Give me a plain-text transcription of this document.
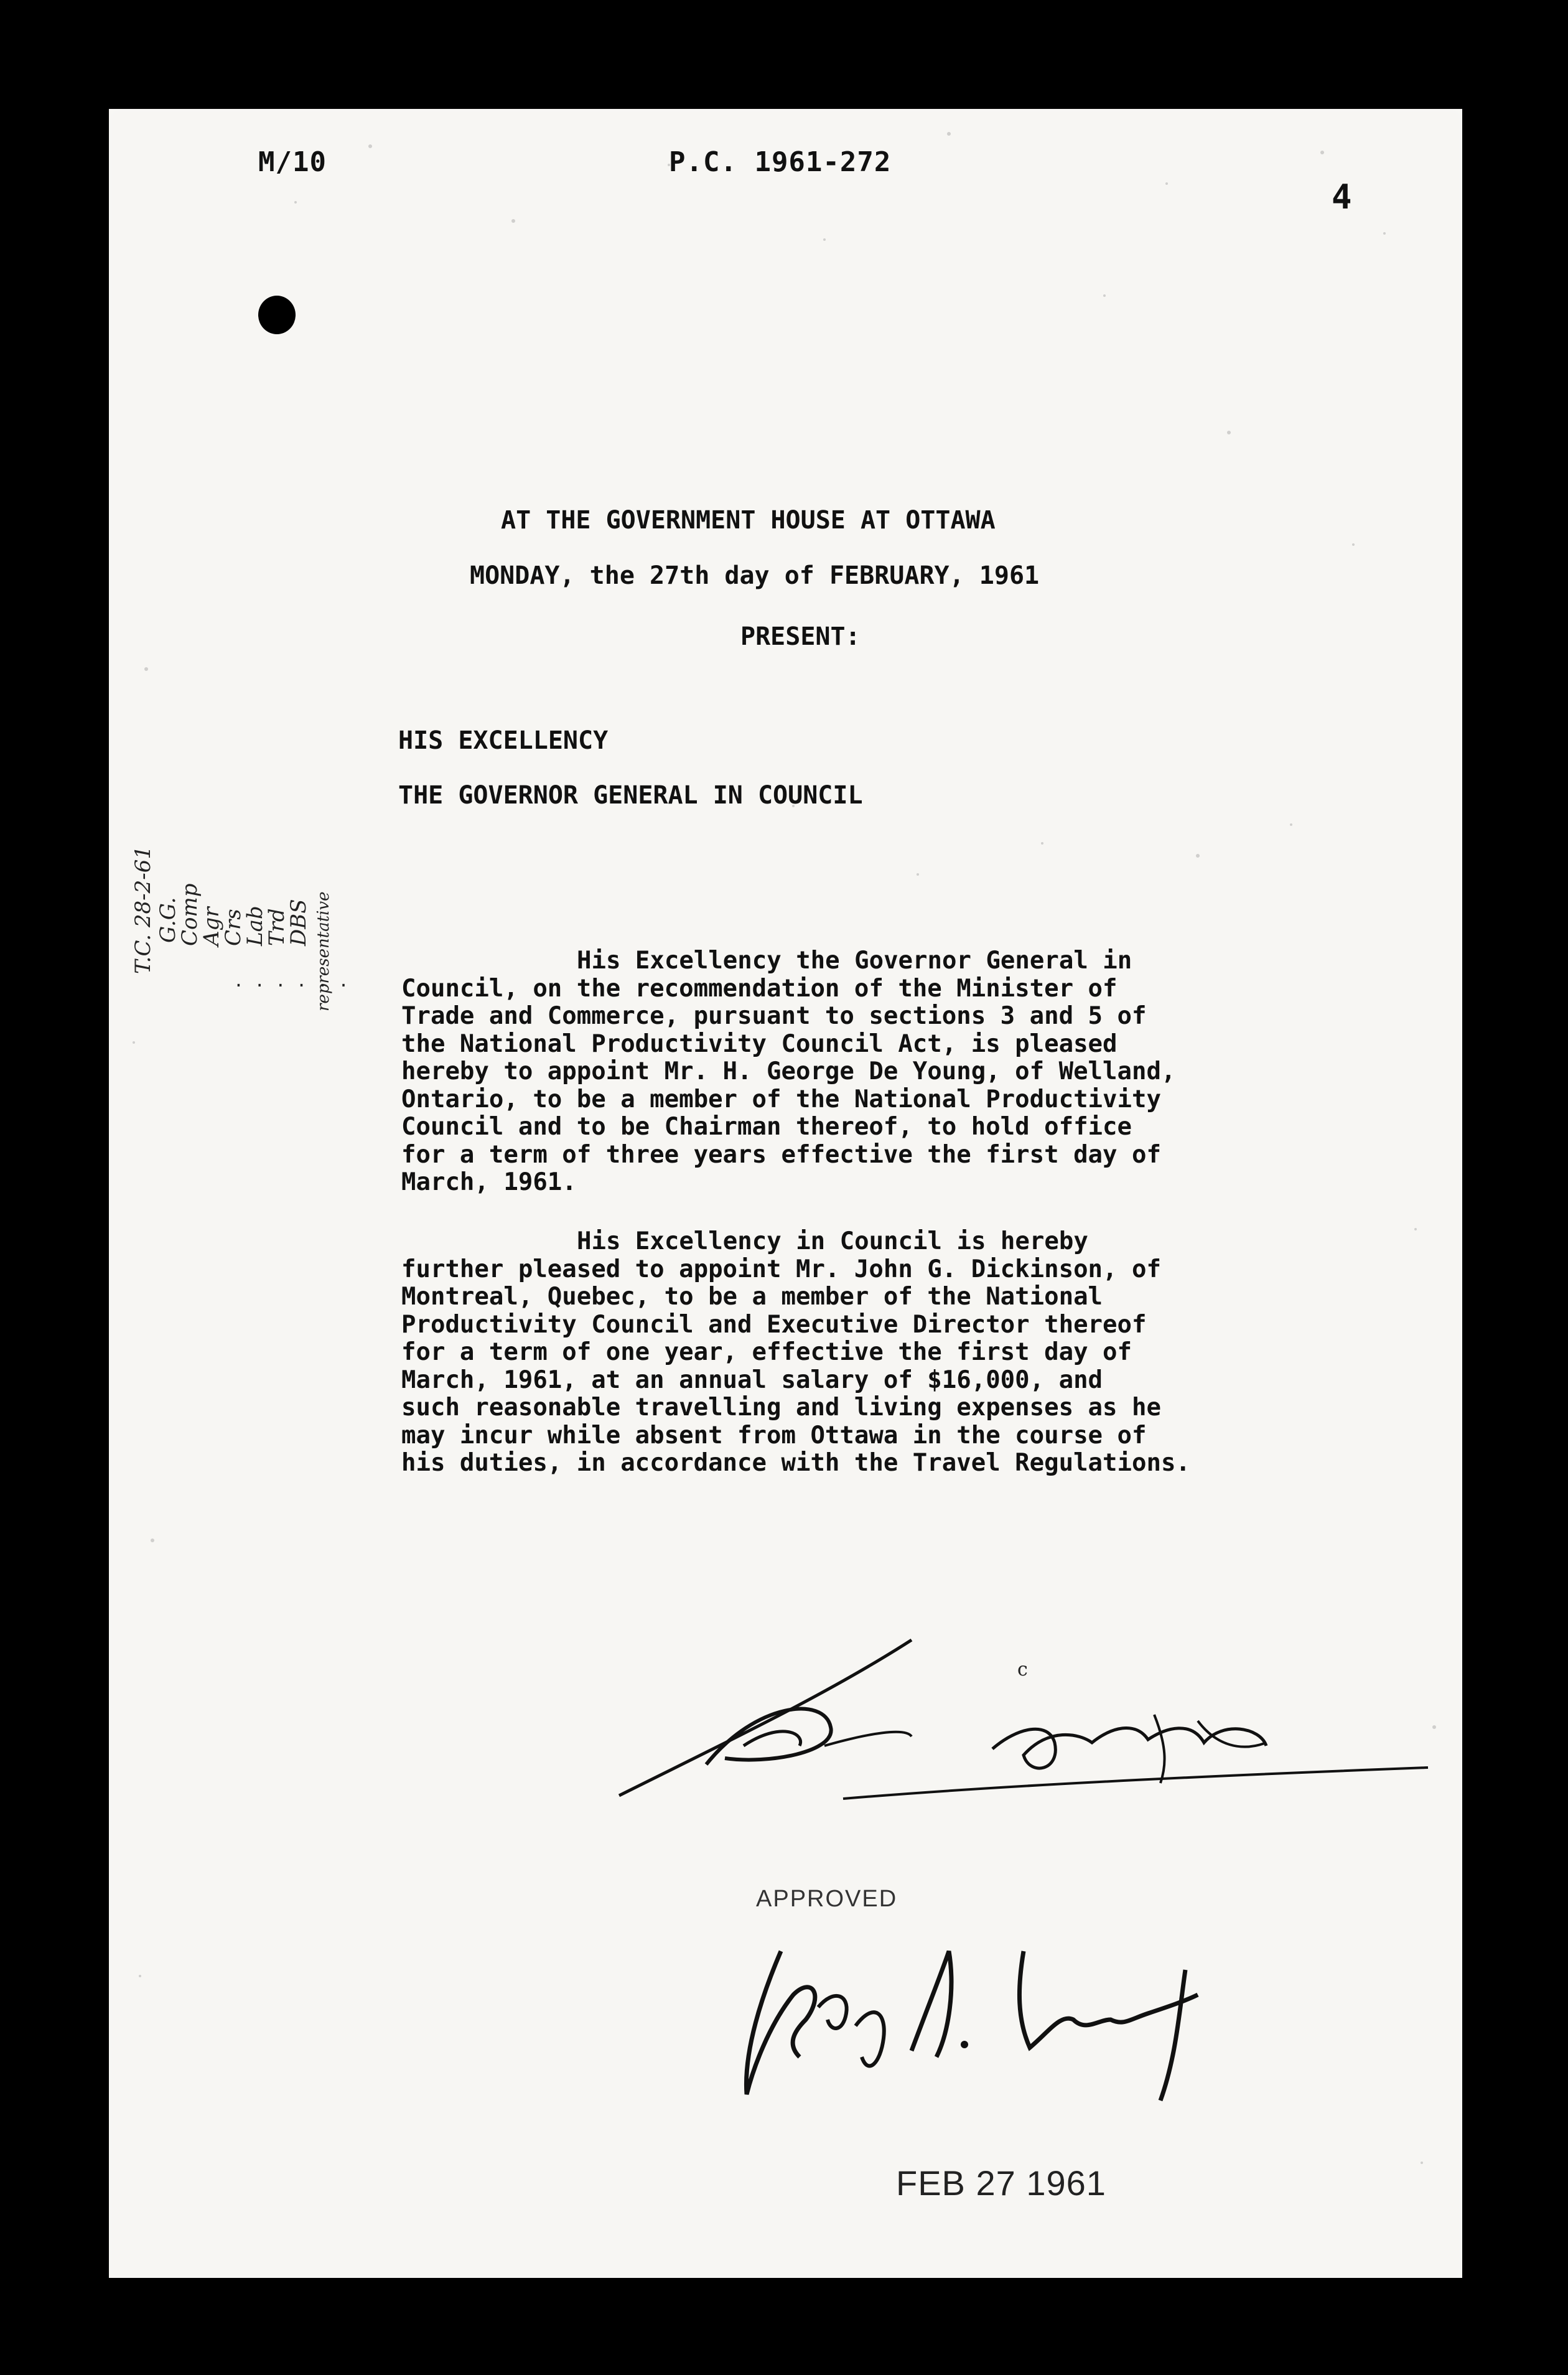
M/10	P.C. 1961-272
4
AT THE GOVERNMENT HOUSE AT OTTAWA
MONDAY, the 27th day of FEBRUARY, 1961
PRESENT:
HIS EXCELLENCY
THE GOVERNOR GENERAL IN COUNCIL
T.C. 28-2-61 G.G.
Comp
Agr
Crs
Lab
Trd
DBS representative
. . . . . .
His Excellency the Governor General in
Council, on the recommendation of the Minister of
Trade and Commerce, pursuant to sections 3 and 5 of
the National Productivity Council Act, is pleased
hereby to appoint Mr. H. George De Young, of Welland,
Ontario, to be a member of the National Productivity
Council and to be Chairman thereof, to hold office
for a term of three years effective the first day of
March, 1961.
His Excellency in Council is hereby
further pleased to appoint Mr. John G. Dickinson, of
Montreal, Quebec, to be a member of the National
Productivity Council and Executive Director thereof
for a term of one year, effective the first day of
March, 1961, at an annual salary of $16,000, and
such reasonable travelling and living expenses as he
may incur while absent from Ottawa in the course of
his duties, in accordance with the Travel Regulations.
c
John Diefenbaker
APPROVED
Georges P. Vanier
FEB 27 1961
